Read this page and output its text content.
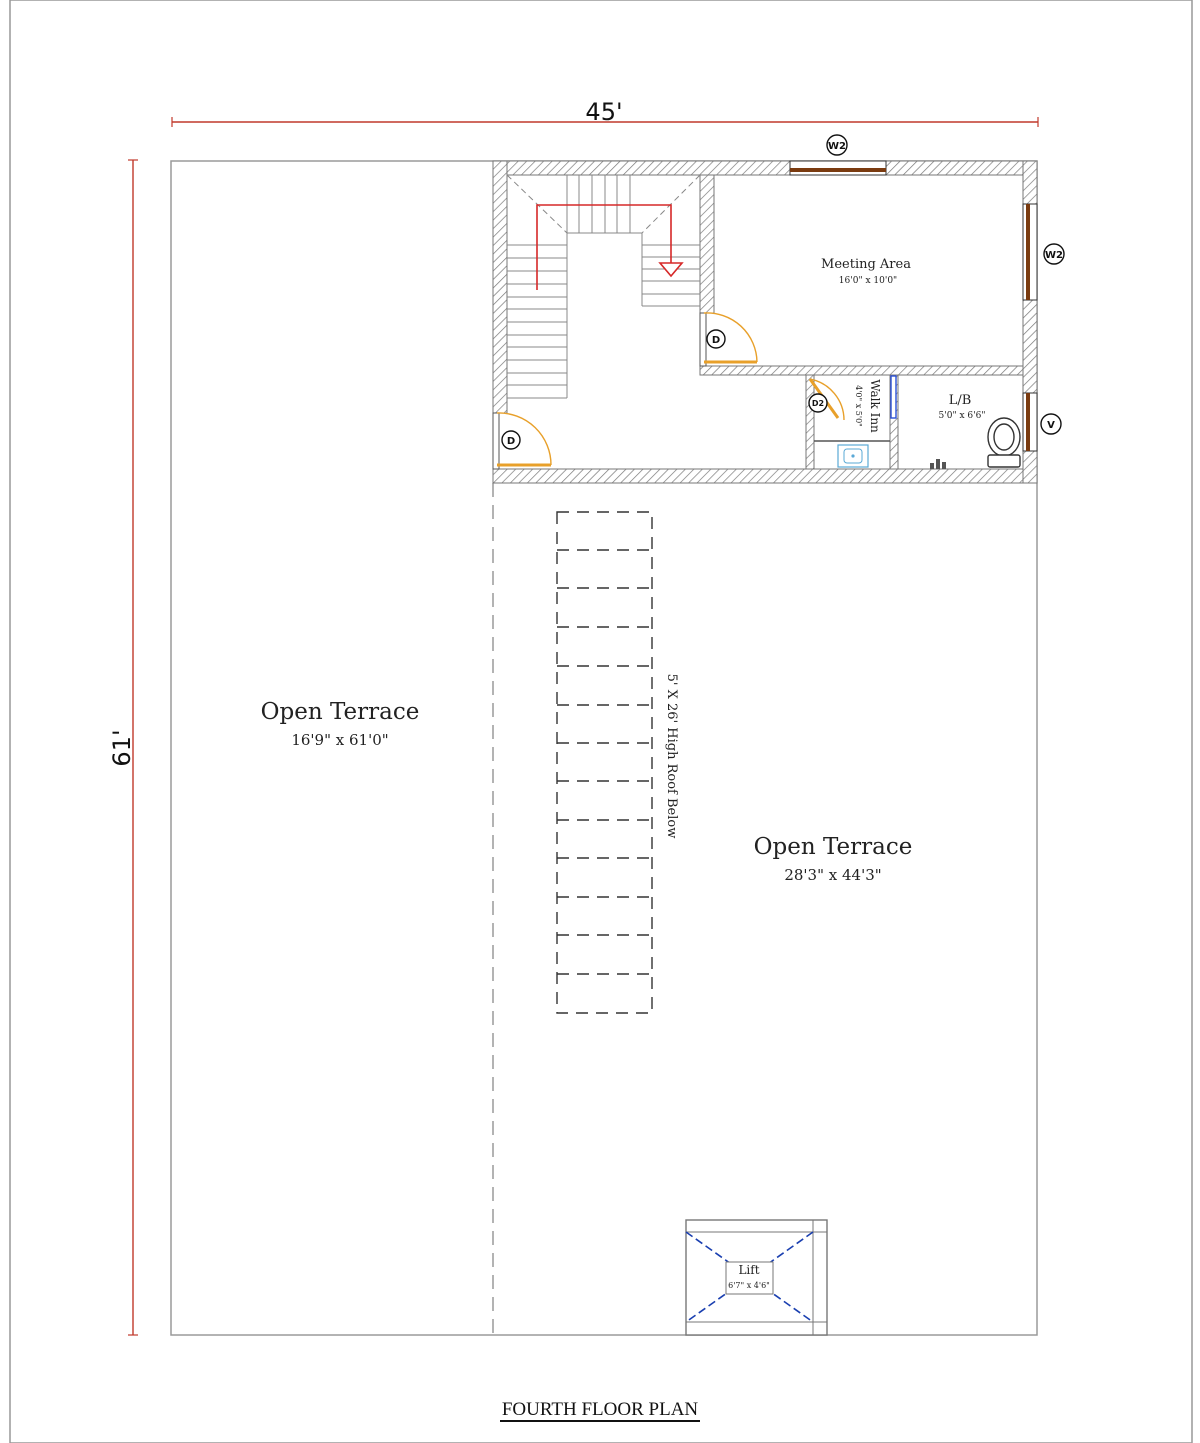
45'
61'
W2
W2
V
D
D
D2
5' X 26' High Roof Below
Lift
6'7" x 4'6"
Open Terrace
16'9" x 61'0"
Open Terrace
28'3" x 44'3"
Meeting Area
16'0" x 10'0"
Walk Inn
4'0" x 5'0"	L/B
5'0" x 6'6"
FOURTH FLOOR PLAN
